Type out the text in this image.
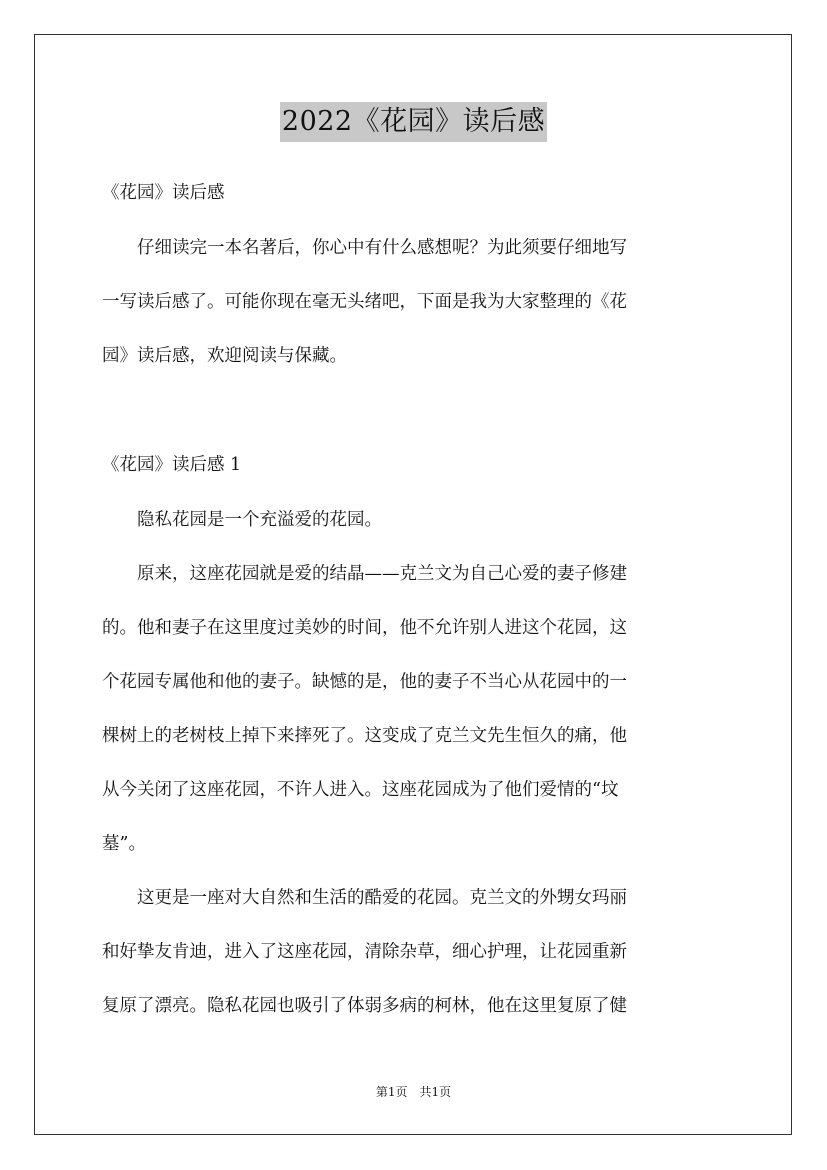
2022《花园》读后感

《花园》读后感

　　仔细读完一本名著后，你心中有什么感想呢？为此须要仔细地写

一写读后感了。可能你现在毫无头绪吧，下面是我为大家整理的《花

园》读后感，欢迎阅读与保藏。

《花园》读后感 1

　　隐私花园是一个充溢爱的花园。

　　原来，这座花园就是爱的结晶——克兰文为自己心爱的妻子修建

的。他和妻子在这里度过美妙的时间，他不允许别人进这个花园，这

个花园专属他和他的妻子。缺憾的是，他的妻子不当心从花园中的一

棵树上的老树枝上掉下来摔死了。这变成了克兰文先生恒久的痛，他

从今关闭了这座花园，不许人进入。这座花园成为了他们爱情的“坟

墓”。

　　这更是一座对大自然和生活的酷爱的花园。克兰文的外甥女玛丽

和好挚友肯迪，进入了这座花园，清除杂草，细心护理，让花园重新

复原了漂亮。隐私花园也吸引了体弱多病的柯林，他在这里复原了健

第1页　共1页
